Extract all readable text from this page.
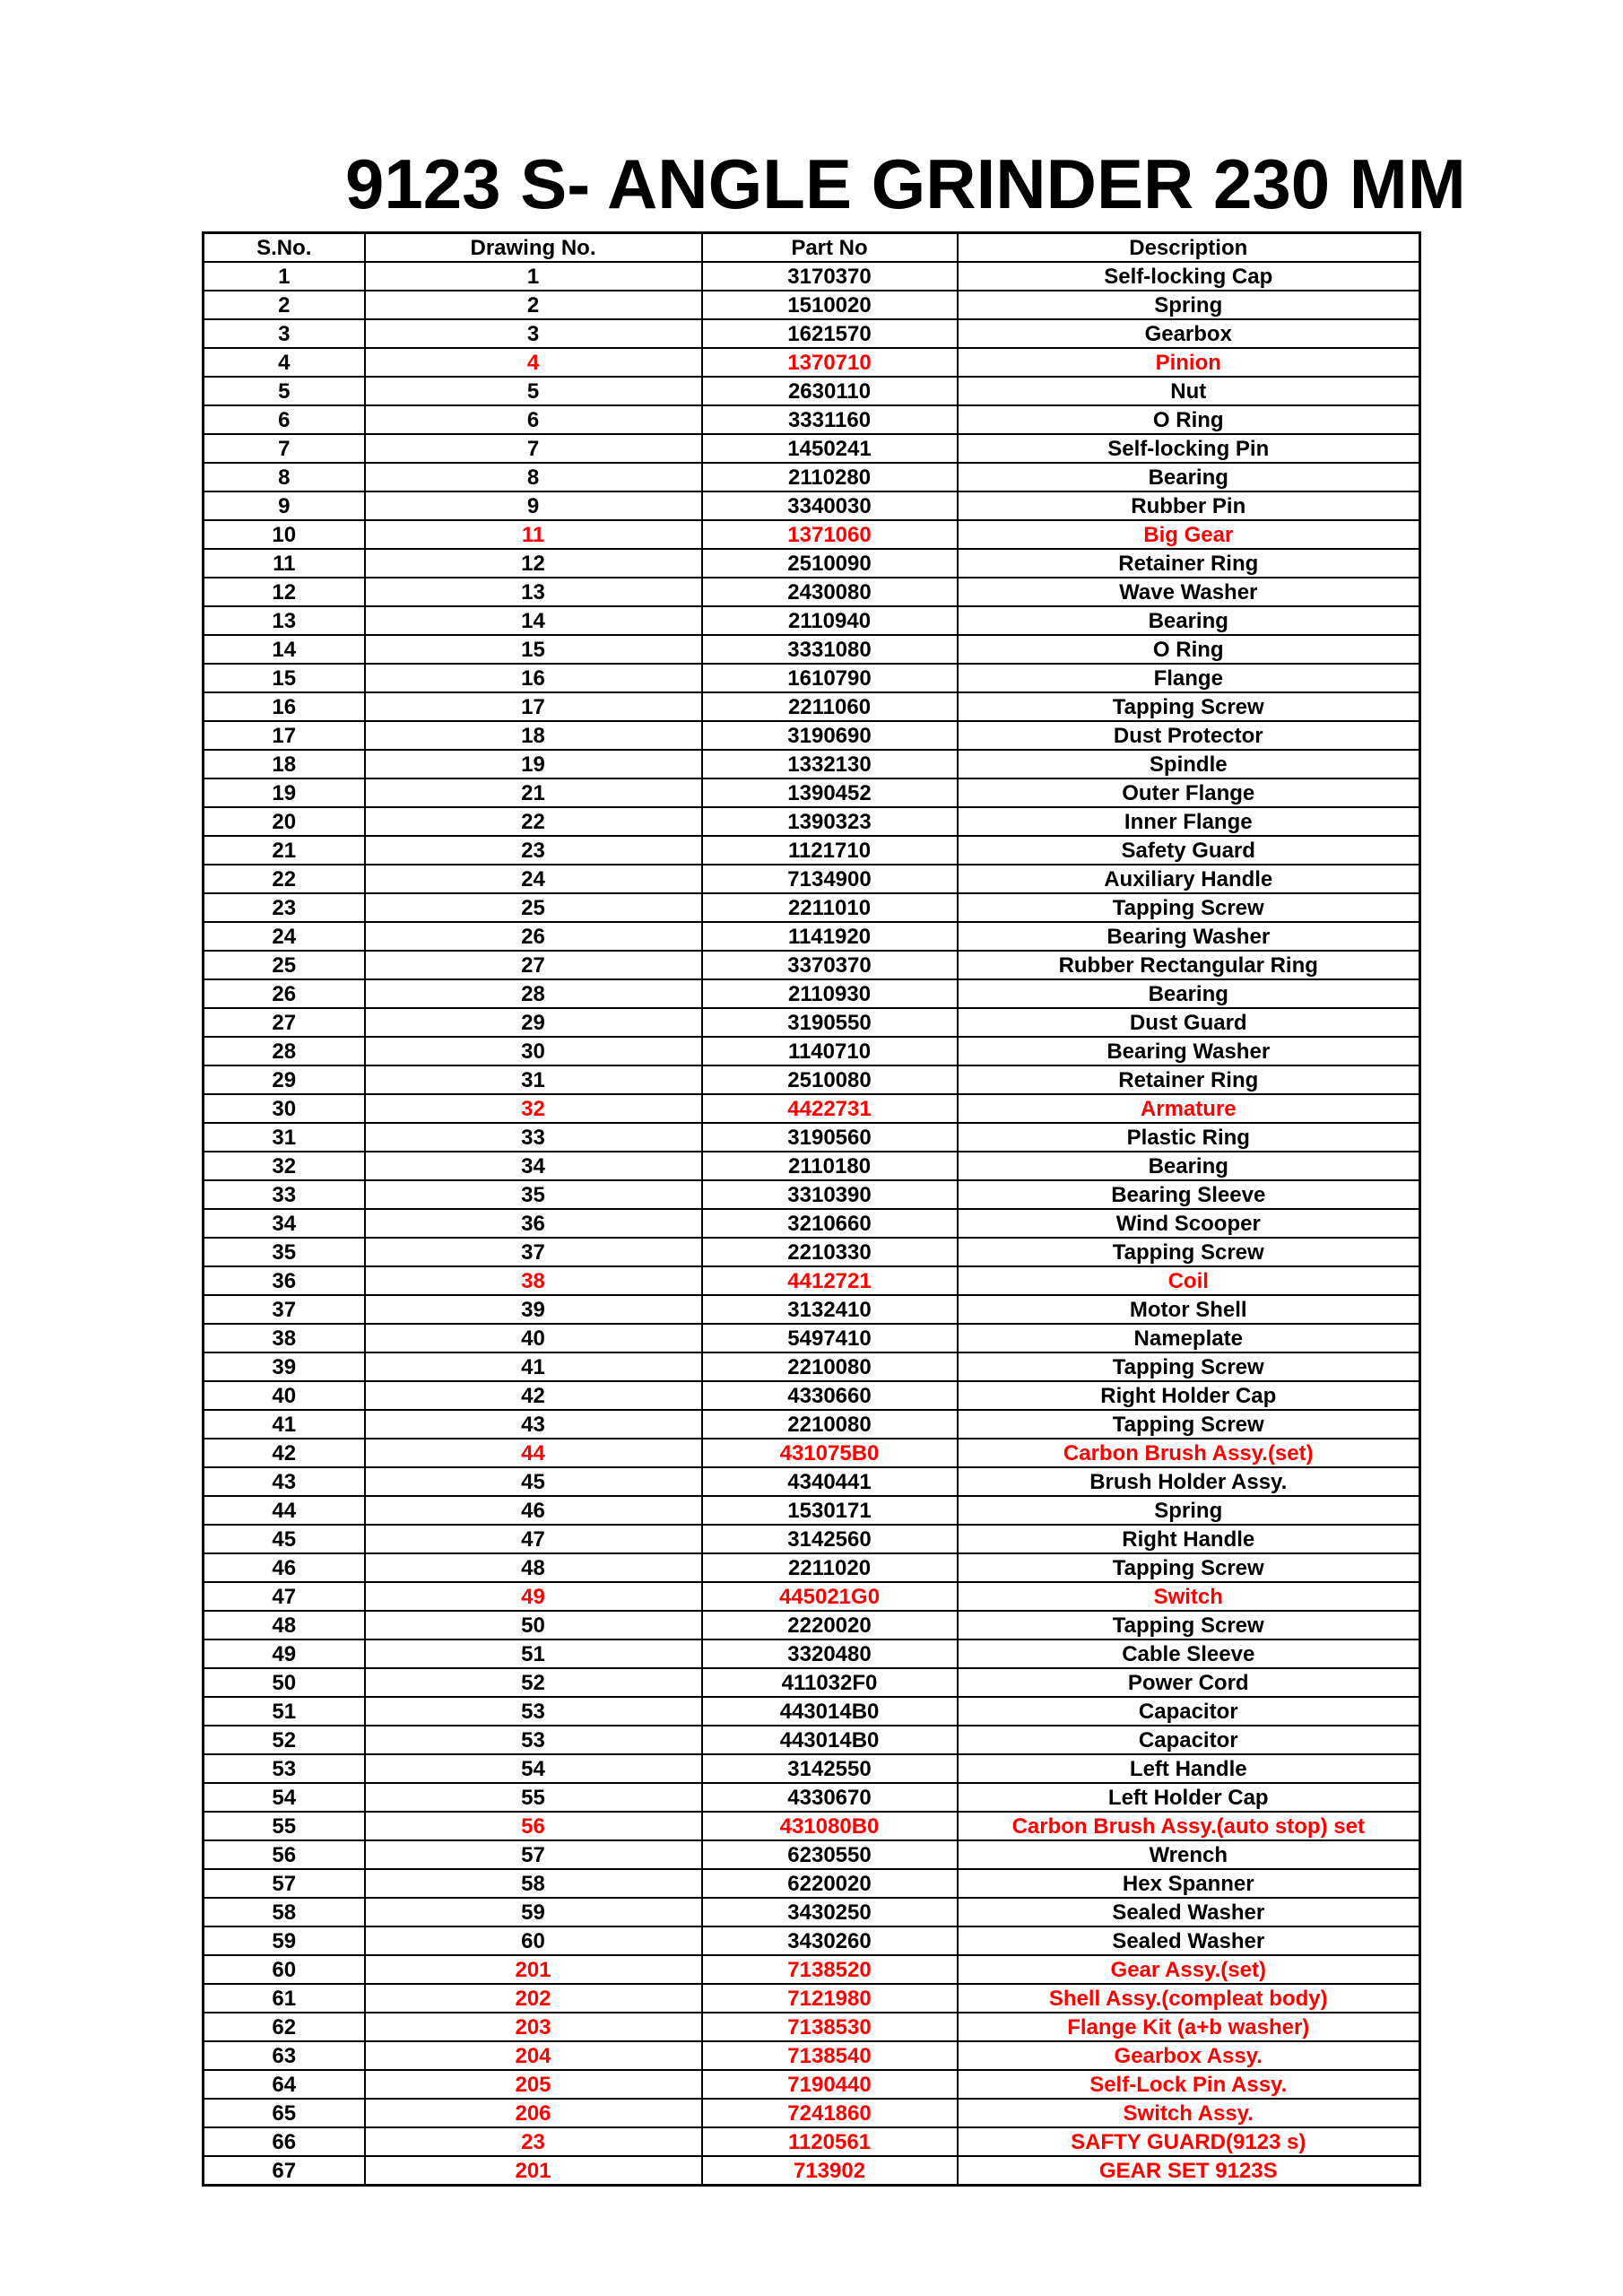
9123 S- ANGLE GRINDER 230 MM
S.No.	Drawing No.	Part No	Description
1	1	3170370	Self-locking Cap
2	2	1510020	Spring
3	3	1621570	Gearbox
4	4	1370710	Pinion
5	5	2630110	Nut
6	6	3331160	O Ring
7	7	1450241	Self-locking Pin
8	8	2110280	Bearing
9	9	3340030	Rubber Pin
10	11	1371060	Big Gear
11	12	2510090	Retainer Ring
12	13	2430080	Wave Washer
13	14	2110940	Bearing
14	15	3331080	O Ring
15	16	1610790	Flange
16	17	2211060	Tapping Screw
17	18	3190690	Dust Protector
18	19	1332130	Spindle
19	21	1390452	Outer Flange
20	22	1390323	Inner Flange
21	23	1121710	Safety Guard
22	24	7134900	Auxiliary Handle
23	25	2211010	Tapping Screw
24	26	1141920	Bearing Washer
25	27	3370370	Rubber Rectangular Ring
26	28	2110930	Bearing
27	29	3190550	Dust Guard
28	30	1140710	Bearing Washer
29	31	2510080	Retainer Ring
30	32	4422731	Armature
31	33	3190560	Plastic Ring
32	34	2110180	Bearing
33	35	3310390	Bearing Sleeve
34	36	3210660	Wind Scooper
35	37	2210330	Tapping Screw
36	38	4412721	Coil
37	39	3132410	Motor Shell
38	40	5497410	Nameplate
39	41	2210080	Tapping Screw
40	42	4330660	Right Holder Cap
41	43	2210080	Tapping Screw
42	44	431075B0	Carbon Brush Assy.(set)
43	45	4340441	Brush Holder Assy.
44	46	1530171	Spring
45	47	3142560	Right Handle
46	48	2211020	Tapping Screw
47	49	445021G0	Switch
48	50	2220020	Tapping Screw
49	51	3320480	Cable Sleeve
50	52	411032F0	Power Cord
51	53	443014B0	Capacitor
52	53	443014B0	Capacitor
53	54	3142550	Left Handle
54	55	4330670	Left Holder Cap
55	56	431080B0	Carbon Brush Assy.(auto stop) set
56	57	6230550	Wrench
57	58	6220020	Hex Spanner
58	59	3430250	Sealed Washer
59	60	3430260	Sealed Washer
60	201	7138520	Gear Assy.(set)
61	202	7121980	Shell Assy.(compleat body)
62	203	7138530	Flange Kit (a+b washer)
63	204	7138540	Gearbox Assy.
64	205	7190440	Self-Lock Pin Assy.
65	206	7241860	Switch Assy.
66	23	1120561	SAFTY GUARD(9123 s)
67	201	713902	GEAR SET 9123S
